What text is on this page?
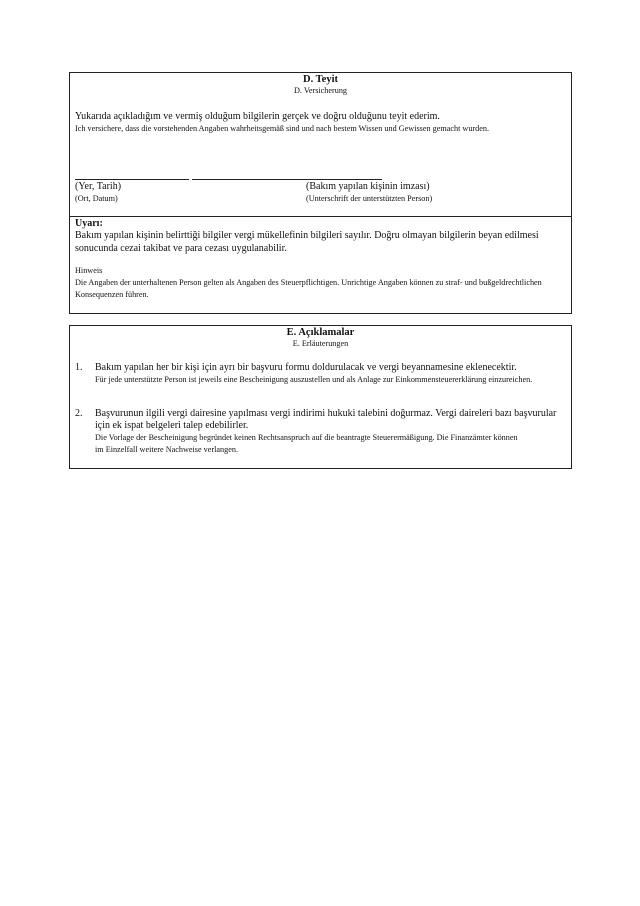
D. Teyit
D. Versicherung
Yukarıda açıkladığım ve vermiş olduğum bilgilerin gerçek ve doğru olduğunu teyit ederim.
Ich versichere, dass die vorstehenden Angaben wahrheitsgemäß sind und nach bestem Wissen und Gewissen gemacht wurden.
(Yer, Tarih)
(Ort, Datum)
(Bakım yapılan kişinin imzası)
(Unterschrift der unterstützten Person)
Uyarı:
Bakım yapılan kişinin belirttiği bilgiler vergi mükellefinin bilgileri sayılır. Doğru olmayan bilgilerin beyan edilmesi sonucunda cezai takibat ve para cezası uygulanabilir.
Hinweis
Die Angaben der unterhaltenen Person gelten als Angaben des Steuerpflichtigen. Unrichtige Angaben können zu straf- und bußgeldrechtlichen Konsequenzen führen.
E. Açıklamalar
E. Erläuterungen
1. Bakım yapılan her bir kişi için ayrı bir başvuru formu doldurulacak ve vergi beyannamesine eklenecektir.
Für jede unterstützte Person ist jeweils eine Bescheinigung auszustellen und als Anlage zur Einkommensteuererklärung einzureichen.
2. Başvurunun ilgili vergi dairesine yapılması vergi indirimi hukuki talebini doğurmaz. Vergi daireleri bazı başvurular için ek ispat belgeleri talep edebilirler.
Die Vorlage der Bescheinigung begründet keinen Rechtsanspruch auf die beantragte Steuerermäßigung. Die Finanzämter können im Einzelfall weitere Nachweise verlangen.
